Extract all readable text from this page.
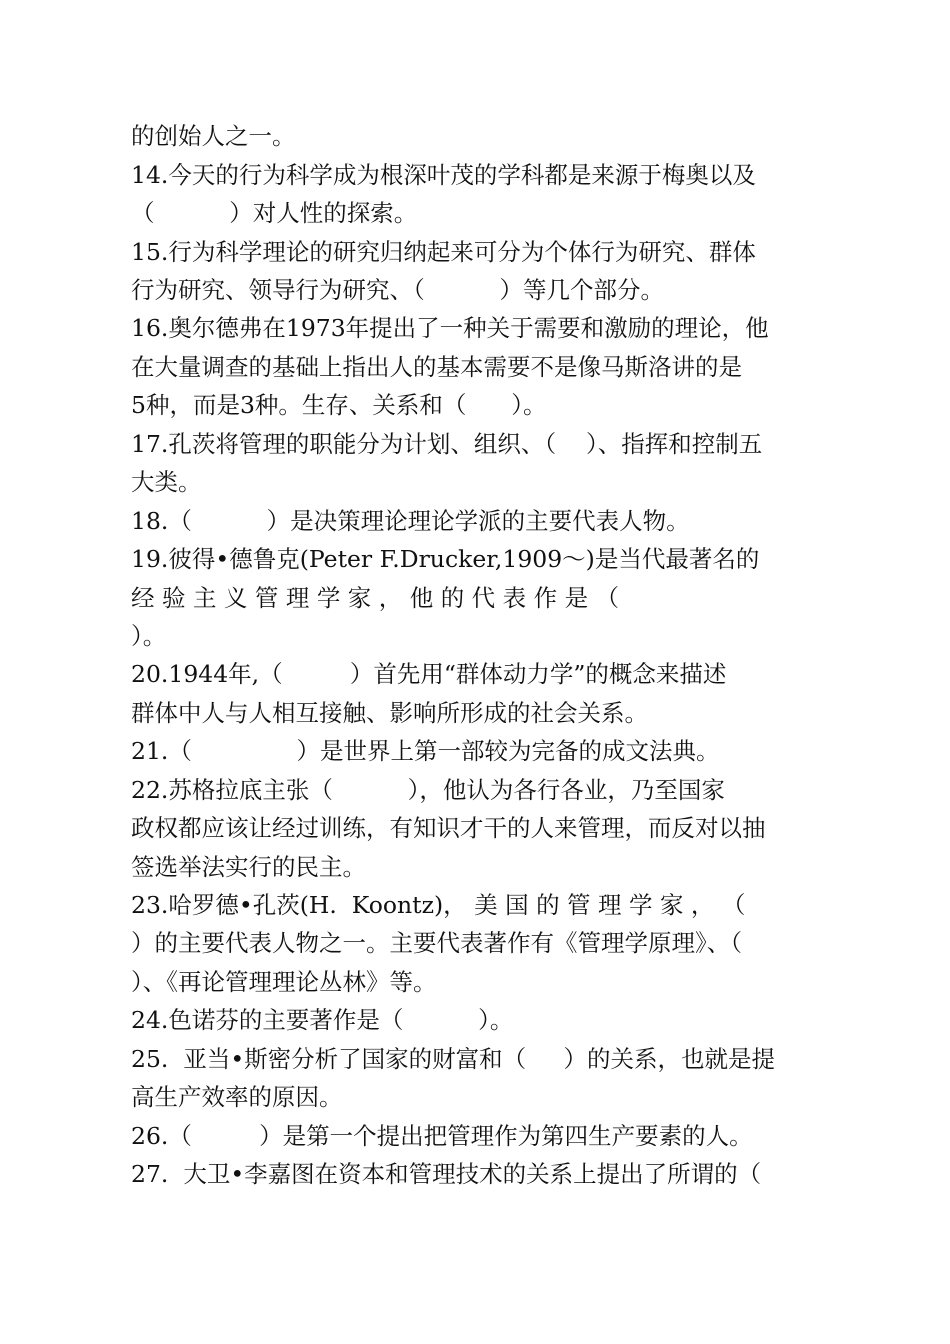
的创始人之一。
14.今天的行为科学成为根深叶茂的学科都是来源于梅奥以及
（          ）对人性的探索。
15.行为科学理论的研究归纳起来可分为个体行为研究、群体
行为研究、领导行为研究、（          ）等几个部分。
16.奥尔德弗在1973年提出了一种关于需要和激励的理论，他
在大量调查的基础上指出人的基本需要不是像马斯洛讲的是
5种，而是3种。生存、关系和（      ）。
17.孔茨将管理的职能分为计划、组织、（    ）、指挥和控制五
大类。
18.（          ）是决策理论理论学派的主要代表人物。
19.彼得•德鲁克(Peter F.Drucker,1909～)是当代最著名的
经 验 主 义 管 理 学 家 ， 他 的 代 表 作 是 （
）。
20.1944年,（         ）首先用“群体动力学”的概念来描述
群体中人与人相互接触、影响所形成的社会关系。
21.（              ）是世界上第一部较为完备的成文法典。
22.苏格拉底主张（          ），他认为各行各业，乃至国家
政权都应该让经过训练，有知识才干的人来管理，而反对以抽
签选举法实行的民主。
23.哈罗德•孔茨(H.  Koontz)， 美 国 的 管 理 学 家 ， （
）的主要代表人物之一。主要代表著作有《管理学原理》、（
）、《再论管理理论丛林》等。
24.色诺芬的主要著作是（          ）。
25.  亚当•斯密分析了国家的财富和（     ）的关系，也就是提
高生产效率的原因。
26.（         ）是第一个提出把管理作为第四生产要素的人。
27.  大卫•李嘉图在资本和管理技术的关系上提出了所谓的（
